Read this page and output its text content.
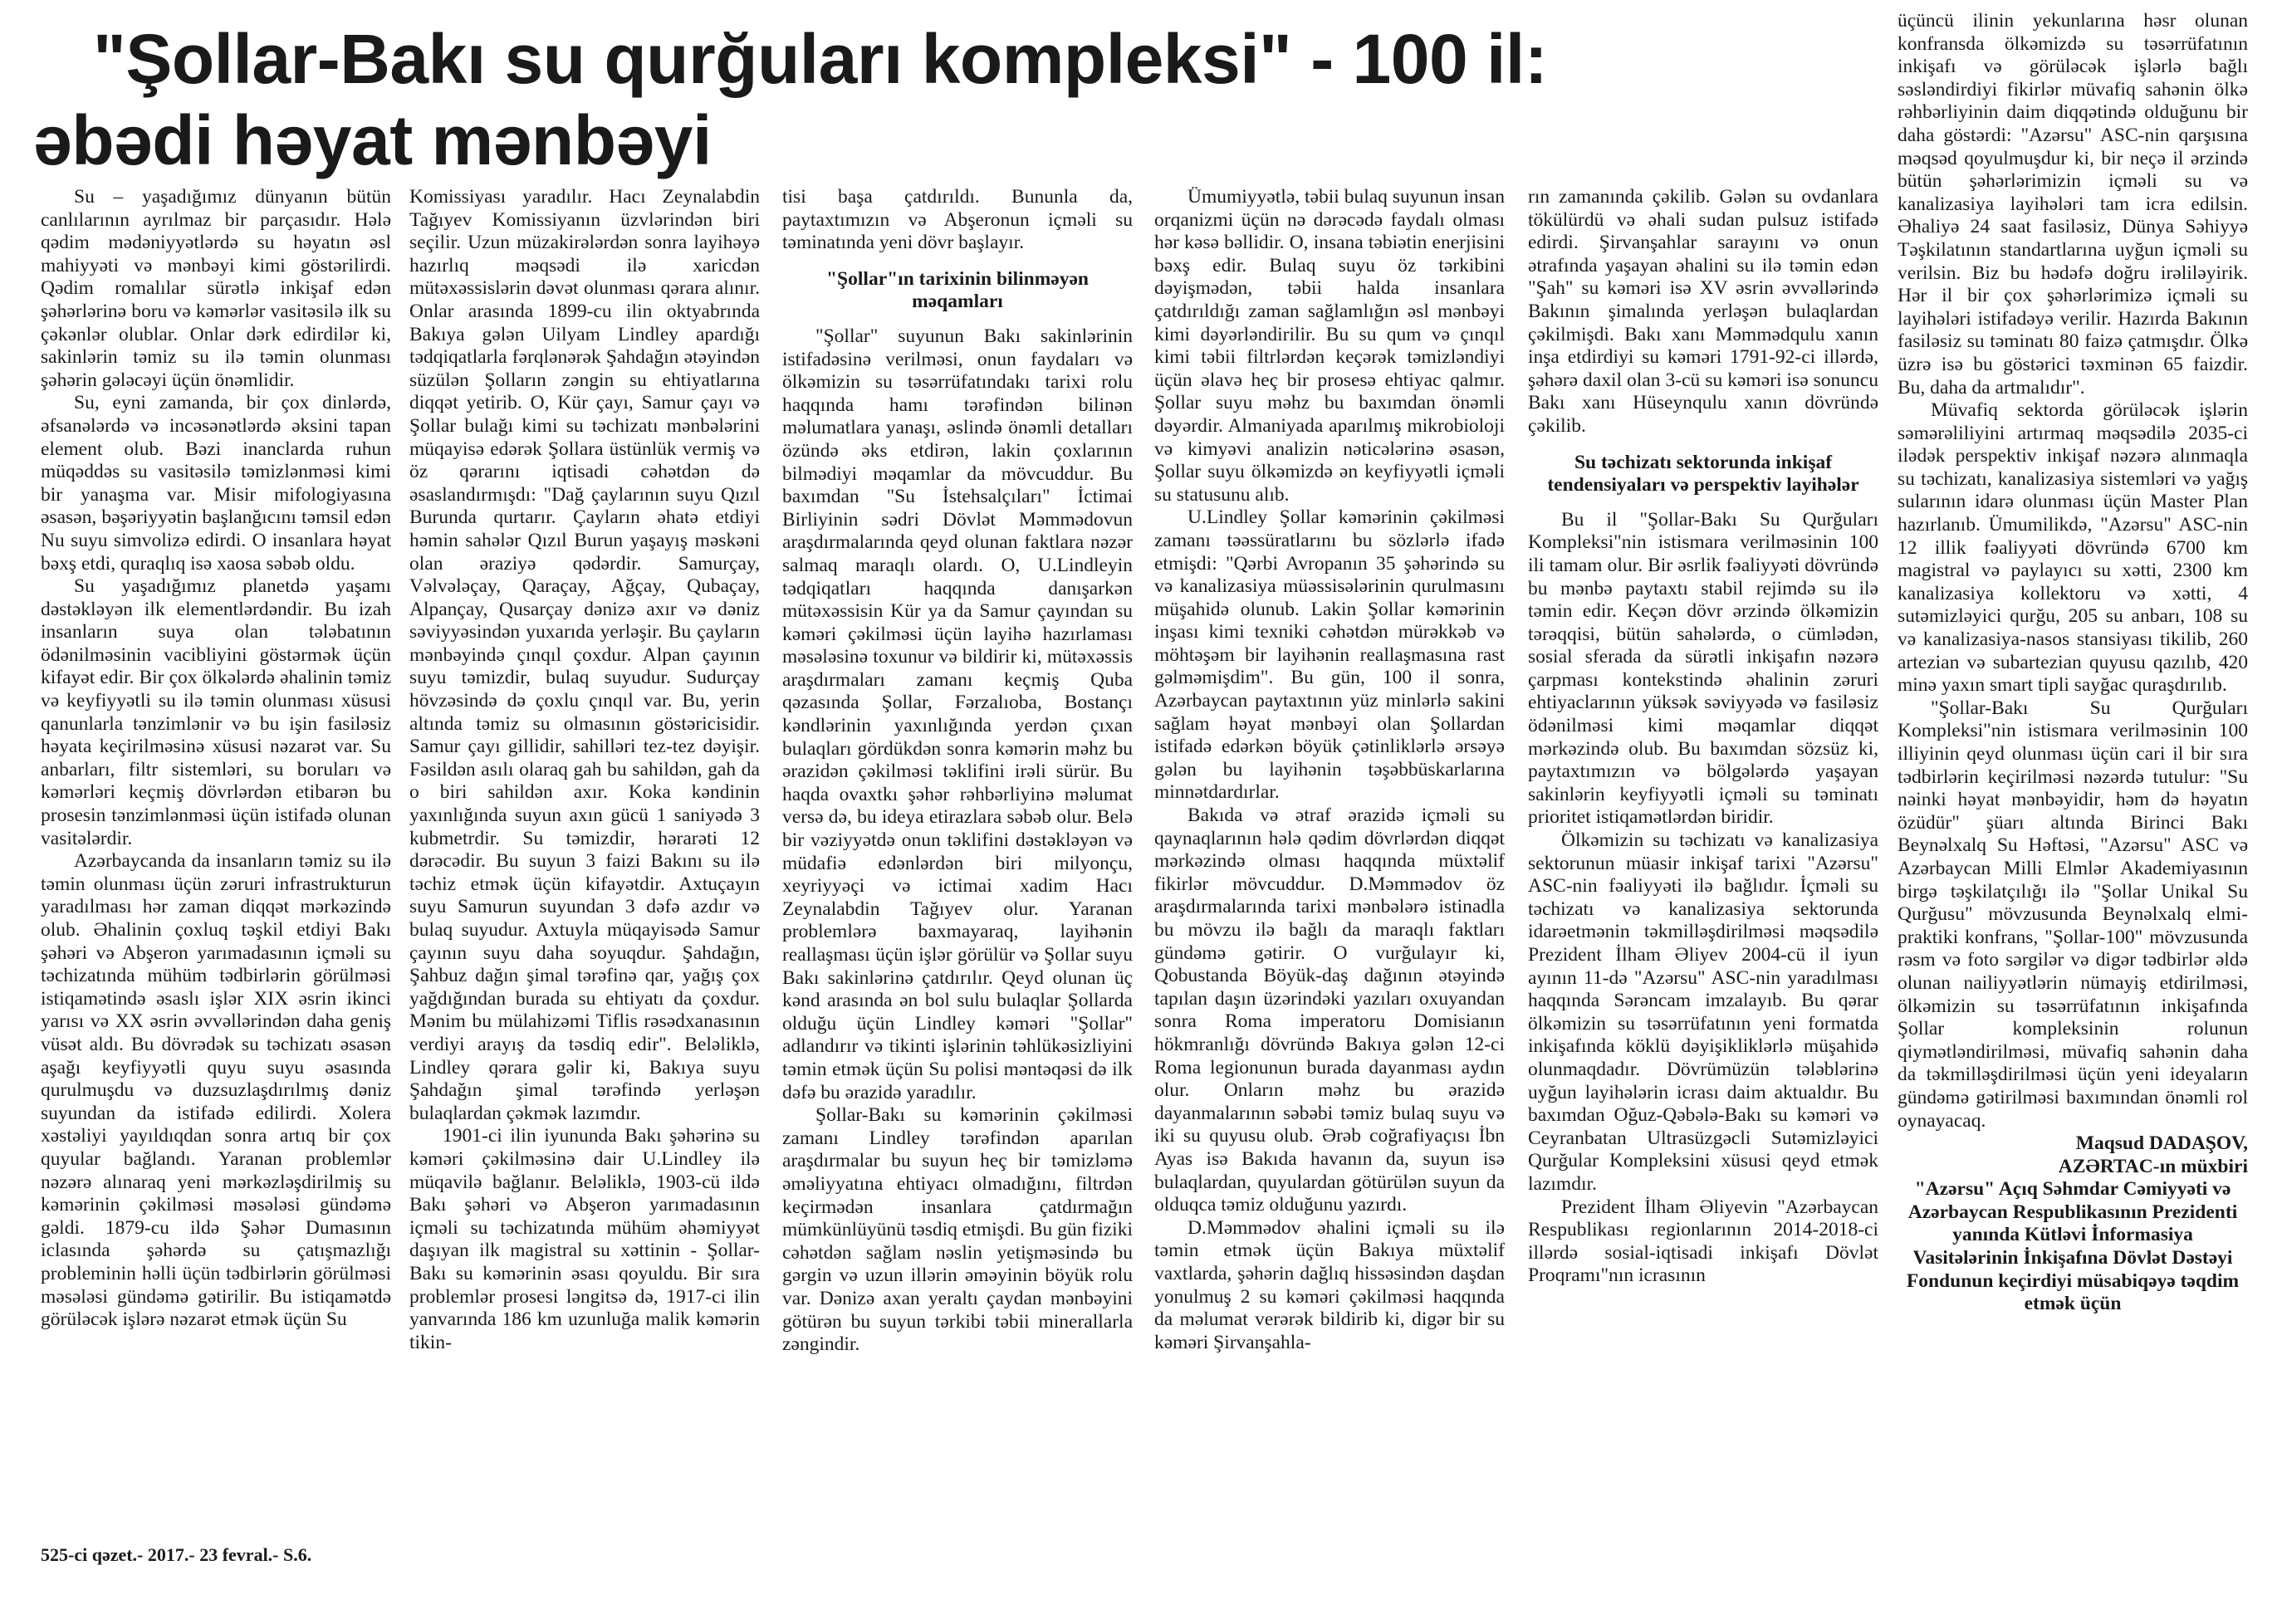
"Şollar-Bakı su qurğuları kompleksi" - 100 il:
əbədi həyat mənbəyi

Su – yaşadığımız dünyanın bütün canlılarının ayrılmaz bir parçasıdır. Hələ qədim mədəniyyətlərdə su həyatın əsl mahiyyəti və mənbəyi kimi göstərilirdi. Qədim romalılar sürətlə inkişaf edən şəhərlərinə boru və kəmərlər vasitəsilə ilk su çəkənlər olublar. Onlar dərk edirdilər ki, sakinlərin təmiz su ilə təmin olunması şəhərin gələcəyi üçün önəmlidir.

Su, eyni zamanda, bir çox dinlərdə, əfsanələrdə və incəsənətlərdə əksini tapan element olub. Bəzi inanclarda ruhun müqəddəs su vasitəsilə təmizlənməsi kimi bir yanaşma var. Misir mifologiyasına əsasən, bəşəriyyətin başlanğıcını təmsil edən Nu suyu simvolizə edirdi. O insanlara həyat bəxş etdi, quraqlıq isə xaosa səbəb oldu.

Su yaşadığımız planetdə yaşamı dəstəkləyən ilk elementlərdəndir. Bu izah insanların suya olan tələbatının ödənilməsinin vacibliyini göstərmək üçün kifayət edir. Bir çox ölkələrdə əhalinin təmiz və keyfiyyətli su ilə təmin olunması xüsusi qanunlarla tənzimlənir və bu işin fasiləsiz həyata keçirilməsinə xüsusi nəzarət var. Su anbarları, filtr sistemləri, su boruları və kəmərləri keçmiş dövrlərdən etibarən bu prosesin tənzimlənməsi üçün istifadə olunan vasitələrdir.

Azərbaycanda da insanların təmiz su ilə təmin olunması üçün zəruri infrastrukturun yaradılması hər zaman diqqət mərkəzində olub. Əhalinin çoxluq təşkil etdiyi Bakı şəhəri və Abşeron yarımadasının içməli su təchizatında mühüm tədbirlərin görülməsi istiqamətində əsaslı işlər XIX əsrin ikinci yarısı və XX əsrin əvvəllərindən daha geniş vüsət aldı. Bu dövrədək su təchizatı əsasən aşağı keyfiyyətli quyu suyu əsasında qurulmuşdu və duzsuzlaşdırılmış dəniz suyundan da istifadə edilirdi. Xolera xəstəliyi yayıldıqdan sonra artıq bir çox quyular bağlandı. Yaranan problemlər nəzərə alınaraq yeni mərkəzləşdirilmiş su kəmərinin çəkilməsi məsələsi gündəmə gəldi. 1879-cu ildə Şəhər Dumasının iclasında şəhərdə su çatışmazlığı probleminin həlli üçün tədbirlərin görülməsi məsələsi gündəmə gətirilir. Bu istiqamətdə görüləcək işlərə nəzarət etmək üçün Su

Komissiyası yaradılır. Hacı Zeynalabdin Tağıyev Komissiyanın üzvlərindən biri seçilir. Uzun müzakirələrdən sonra layihəyə hazırlıq məqsədi ilə xaricdən mütəxəssislərin dəvət olunması qərara alınır. Onlar arasında 1899-cu ilin oktyabrında Bakıya gələn Uilyam Lindley apardığı tədqiqatlarla fərqlənərək Şahdağın ətəyindən süzülən Şolların zəngin su ehtiyatlarına diqqət yetirib. O, Kür çayı, Samur çayı və Şollar bulağı kimi su təchizatı mənbələrini müqayisə edərək Şollara üstünlük vermiş və öz qərarını iqtisadi cəhətdən də əsaslandırmışdı: "Dağ çaylarının suyu Qızıl Burunda qurtarır. Çayların əhatə etdiyi həmin sahələr Qızıl Burun yaşayış məskəni olan əraziyə qədərdir. Samurçay, Vəlvələçay, Qaraçay, Ağçay, Qubaçay, Alpançay, Qusarçay dənizə axır və dəniz səviyyəsindən yuxarıda yerləşir. Bu çayların mənbəyində çınqıl çoxdur. Alpan çayının suyu təmizdir, bulaq suyudur. Sudurçay hövzəsində də çoxlu çınqıl var. Bu, yerin altında təmiz su olmasının göstəricisidir. Samur çayı gillidir, sahilləri tez-tez dəyişir. Fəsildən asılı olaraq gah bu sahildən, gah da o biri sahildən axır. Koka kəndinin yaxınlığında suyun axın gücü 1 saniyədə 3 kubmetrdir. Su təmizdir, hərarəti 12 dərəcədir. Bu suyun 3 faizi Bakını su ilə təchiz etmək üçün kifayətdir. Axtuçayın suyu Samurun suyundan 3 dəfə azdır və bulaq suyudur. Axtuyla müqayisədə Samur çayının suyu daha soyuqdur. Şahdağın, Şahbuz dağın şimal tərəfinə qar, yağış çox yağdığından burada su ehtiyatı da çoxdur. Mənim bu mülahizəmi Tiflis rəsədxanasının verdiyi arayış da təsdiq edir". Beləliklə, Lindley qərara gəlir ki, Bakıya suyu Şahdağın şimal tərəfində yerləşən bulaqlardan çəkmək lazımdır.

1901-ci ilin iyununda Bakı şəhərinə su kəməri çəkilməsinə dair U.Lindley ilə müqavilə bağlanır. Beləliklə, 1903-cü ildə Bakı şəhəri və Abşeron yarımadasının içməli su təchizatında mühüm əhəmiyyət daşıyan ilk magistral su xəttinin - Şollar-Bakı su kəmərinin əsası qoyuldu. Bir sıra problemlər prosesi ləngitsə də, 1917-ci ilin yanvarında 186 km uzunluğa malik kəmərin tikin-

tisi başa çatdırıldı. Bununla da, paytaxtımızın və Abşeronun içməli su təminatında yeni dövr başlayır.

"Şollar"ın tarixinin bilinməyən məqamları

"Şollar" suyunun Bakı sakinlərinin istifadəsinə verilməsi, onun faydaları və ölkəmizin su təsərrüfatındakı tarixi rolu haqqında hamı tərəfindən bilinən məlumatlara yanaşı, əslində önəmli detalları özündə əks etdirən, lakin çoxlarının bilmədiyi məqamlar da mövcuddur. Bu baxımdan "Su İstehsalçıları" İctimai Birliyinin sədri Dövlət Məmmədovun araşdırmalarında qeyd olunan faktlara nəzər salmaq maraqlı olardı. O, U.Lindleyin tədqiqatları haqqında danışarkən mütəxəssisin Kür ya da Samur çayından su kəməri çəkilməsi üçün layihə hazırlaması məsələsinə toxunur və bildirir ki, mütəxəssis araşdırmaları zamanı keçmiş Quba qəzasında Şollar, Fərzalıoba, Bostançı kəndlərinin yaxınlığında yerdən çıxan bulaqları gördükdən sonra kəmərin məhz bu ərazidən çəkilməsi təklifini irəli sürür. Bu haqda ovaxtkı şəhər rəhbərliyinə məlumat versə də, bu ideya etirazlara səbəb olur. Belə bir vəziyyətdə onun təklifini dəstəkləyən və müdafiə edənlərdən biri milyonçu, xeyriyyəçi və ictimai xadim Hacı Zeynalabdin Tağıyev olur. Yaranan problemlərə baxmayaraq, layihənin reallaşması üçün işlər görülür və Şollar suyu Bakı sakinlərinə çatdırılır. Qeyd olunan üç kənd arasında ən bol sulu bulaqlar Şollarda olduğu üçün Lindley kəməri "Şollar" adlandırır və tikinti işlərinin təhlükəsizliyini təmin etmək üçün Su polisi məntəqəsi də ilk dəfə bu ərazidə yaradılır.

Şollar-Bakı su kəmərinin çəkilməsi zamanı Lindley tərəfindən aparılan araşdırmalar bu suyun heç bir təmizləmə əməliyyatına ehtiyacı olmadığını, filtrdən keçirmədən insanlara çatdırmağın mümkünlüyünü təsdiq etmişdi. Bu gün fiziki cəhətdən sağlam nəslin yetişməsində bu gərgin və uzun illərin əməyinin böyük rolu var. Dənizə axan yeraltı çaydan mənbəyini götürən bu suyun tərkibi təbii minerallarla zəngindir.

Ümumiyyətlə, təbii bulaq suyunun insan orqanizmi üçün nə dərəcədə faydalı olması hər kəsə bəllidir. O, insana təbiətin enerjisini bəxş edir. Bulaq suyu öz tərkibini dəyişmədən, təbii halda insanlara çatdırıldığı zaman sağlamlığın əsl mənbəyi kimi dəyərləndirilir. Bu su qum və çınqıl kimi təbii filtrlərdən keçərək təmizləndiyi üçün əlavə heç bir prosesə ehtiyac qalmır. Şollar suyu məhz bu baxımdan önəmli dəyərdir. Almaniyada aparılmış mikrobioloji və kimyəvi analizin nəticələrinə əsasən, Şollar suyu ölkəmizdə ən keyfiyyətli içməli su statusunu alıb.

U.Lindley Şollar kəmərinin çəkilməsi zamanı təəssüratlarını bu sözlərlə ifadə etmişdi: "Qərbi Avropanın 35 şəhərində su və kanalizasiya müəssisələrinin qurulmasını müşahidə olunub. Lakin Şollar kəmərinin inşası kimi texniki cəhətdən mürəkkəb və möhtəşəm bir layihənin reallaşmasına rast gəlməmişdim". Bu gün, 100 il sonra, Azərbaycan paytaxtının yüz minlərlə sakini sağlam həyat mənbəyi olan Şollardan istifadə edərkən böyük çətinliklərlə ərsəyə gələn bu layihənin təşəbbüskarlarına minnətdardırlar.

Bakıda və ətraf ərazidə içməli su qaynaqlarının hələ qədim dövrlərdən diqqət mərkəzində olması haqqında müxtəlif fikirlər mövcuddur. D.Məmmədov öz araşdırmalarında tarixi mənbələrə istinadla bu mövzu ilə bağlı da maraqlı faktları gündəmə gətirir. O vurğulayır ki, Qobustanda Böyük-daş dağının ətəyində tapılan daşın üzərindəki yazıları oxuyandan sonra Roma imperatoru Domisianın hökmranlığı dövründə Bakıya gələn 12-ci Roma legionunun burada dayanması aydın olur. Onların məhz bu ərazidə dayanmalarının səbəbi təmiz bulaq suyu və iki su quyusu olub. Ərəb coğrafiyaçısı İbn Ayas isə Bakıda havanın da, suyun isə bulaqlardan, quyulardan götürülən suyun da olduqca təmiz olduğunu yazırdı.

D.Məmmədov əhalini içməli su ilə təmin etmək üçün Bakıya müxtəlif vaxtlarda, şəhərin dağlıq hissəsindən daşdan yonulmuş 2 su kəməri çəkilməsi haqqında da məlumat verərək bildirib ki, digər bir su kəməri Şirvanşahla-

rın zamanında çəkilib. Gələn su ovdanlara tökülürdü və əhali sudan pulsuz istifadə edirdi. Şirvanşahlar sarayını və onun ətrafında yaşayan əhalini su ilə təmin edən "Şah" su kəməri isə XV əsrin əvvəllərində Bakının şimalında yerləşən bulaqlardan çəkilmişdi. Bakı xanı Məmmədqulu xanın inşa etdirdiyi su kəməri 1791-92-ci illərdə, şəhərə daxil olan 3-cü su kəməri isə sonuncu Bakı xanı Hüseynqulu xanın dövründə çəkilib.

Su təchizatı sektorunda inkişaf tendensiyaları və perspektiv layihələr

Bu il "Şollar-Bakı Su Qurğuları Kompleksi"nin istismara verilməsinin 100 ili tamam olur. Bir əsrlik fəaliyyəti dövründə bu mənbə paytaxtı stabil rejimdə su ilə təmin edir. Keçən dövr ərzində ölkəmizin tərəqqisi, bütün sahələrdə, o cümlədən, sosial sferada da sürətli inkişafın nəzərə çarpması kontekstində əhalinin zəruri ehtiyaclarının yüksək səviyyədə və fasiləsiz ödənilməsi kimi məqamlar diqqət mərkəzində olub. Bu baxımdan sözsüz ki, paytaxtımızın və bölgələrdə yaşayan sakinlərin keyfiyyətli içməli su təminatı prioritet istiqamətlərdən biridir.

Ölkəmizin su təchizatı və kanalizasiya sektorunun müasir inkişaf tarixi "Azərsu" ASC-nin fəaliyyəti ilə bağlıdır. İçməli su təchizatı və kanalizasiya sektorunda idarəetmənin təkmilləşdirilməsi məqsədilə Prezident İlham Əliyev 2004-cü il iyun ayının 11-də "Azərsu" ASC-nin yaradılması haqqında Sərəncam imzalayıb. Bu qərar ölkəmizin su təsərrüfatının yeni formatda inkişafında köklü dəyişikliklərlə müşahidə olunmaqdadır. Dövrümüzün tələblərinə uyğun layihələrin icrası daim aktualdır. Bu baxımdan Oğuz-Qəbələ-Bakı su kəməri və Ceyranbatan Ultrasüzgəcli Sutəmizləyici Qurğular Kompleksini xüsusi qeyd etmək lazımdır.

Prezident İlham Əliyevin "Azərbaycan Respublikası regionlarının 2014-2018-ci illərdə sosial-iqtisadi inkişafı Dövlət Proqramı"nın icrasının

üçüncü ilinin yekunlarına həsr olunan konfransda ölkəmizdə su təsərrüfatının inkişafı və görüləcək işlərlə bağlı səsləndirdiyi fikirlər müvafiq sahənin ölkə rəhbərliyinin daim diqqətində olduğunu bir daha göstərdi: "Azərsu" ASC-nin qarşısına məqsəd qoyulmuşdur ki, bir neçə il ərzində bütün şəhərlərimizin içməli su və kanalizasiya layihələri tam icra edilsin. Əhaliyə 24 saat fasiləsiz, Dünya Səhiyyə Təşkilatının standartlarına uyğun içməli su verilsin. Biz bu hədəfə doğru irəliləyirik. Hər il bir çox şəhərlərimizə içməli su layihələri istifadəyə verilir. Hazırda Bakının fasiləsiz su təminatı 80 faizə çatmışdır. Ölkə üzrə isə bu göstərici təxminən 65 faizdir. Bu, daha da artmalıdır".

Müvafiq sektorda görüləcək işlərin səmərəliliyini artırmaq məqsədilə 2035-ci ilədək perspektiv inkişaf nəzərə alınmaqla su təchizatı, kanalizasiya sistemləri və yağış sularının idarə olunması üçün Master Plan hazırlanıb. Ümumilikdə, "Azərsu" ASC-nin 12 illik fəaliyyəti dövründə 6700 km magistral və paylayıcı su xətti, 2300 km kanalizasiya kollektoru və xətti, 4 sutəmizləyici qurğu, 205 su anbarı, 108 su və kanalizasiya-nasos stansiyası tikilib, 260 artezian və subartezian quyusu qazılıb, 420 minə yaxın smart tipli sayğac quraşdırılıb.

"Şollar-Bakı Su Qurğuları Kompleksi"nin istismara verilməsinin 100 illiyinin qeyd olunması üçün cari il bir sıra tədbirlərin keçirilməsi nəzərdə tutulur: "Su nəinki həyat mənbəyidir, həm də həyatın özüdür" şüarı altında Birinci Bakı Beynəlxalq Su Həftəsi, "Azərsu" ASC və Azərbaycan Milli Elmlər Akademiyasının birgə təşkilatçılığı ilə "Şollar Unikal Su Qurğusu" mövzusunda Beynəlxalq elmi-praktiki konfrans, "Şollar-100" mövzusunda rəsm və foto sərgilər və digər tədbirlər əldə olunan nailiyyətlərin nümayiş etdirilməsi, ölkəmizin su təsərrüfatının inkişafında Şollar kompleksinin rolunun qiymətləndirilməsi, müvafiq sahənin daha da təkmilləşdirilməsi üçün yeni ideyaların gündəmə gətirilməsi baxımından önəmli rol oynayacaq.

Maqsud DADAŞOV,

AZƏRTAC-ın müxbiri

"Azərsu" Açıq Səhmdar Cəmiyyəti və Azərbaycan Respublikasının Prezidenti yanında Kütləvi İnformasiya Vasitələrinin İnkişafına Dövlət Dəstəyi Fondunun keçirdiyi müsabiqəyə təqdim etmək üçün

525-ci qəzet.- 2017.- 23 fevral.- S.6.
